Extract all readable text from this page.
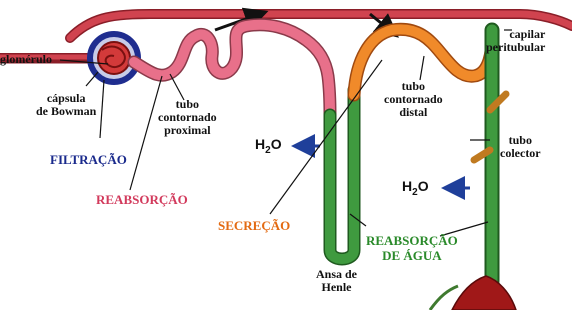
capilar
peritubular
glomérulo
cápsula
de Bowman	tubo
contornado
proximal
tubo
contornado
distal
tubo
colector
Ansa de
Henle
$H_2O$
$H_2O$
FILTRAÇÃO
REABSORÇÃO
SECREÇÃO
REABSORÇÃO
DE ÁGUA
